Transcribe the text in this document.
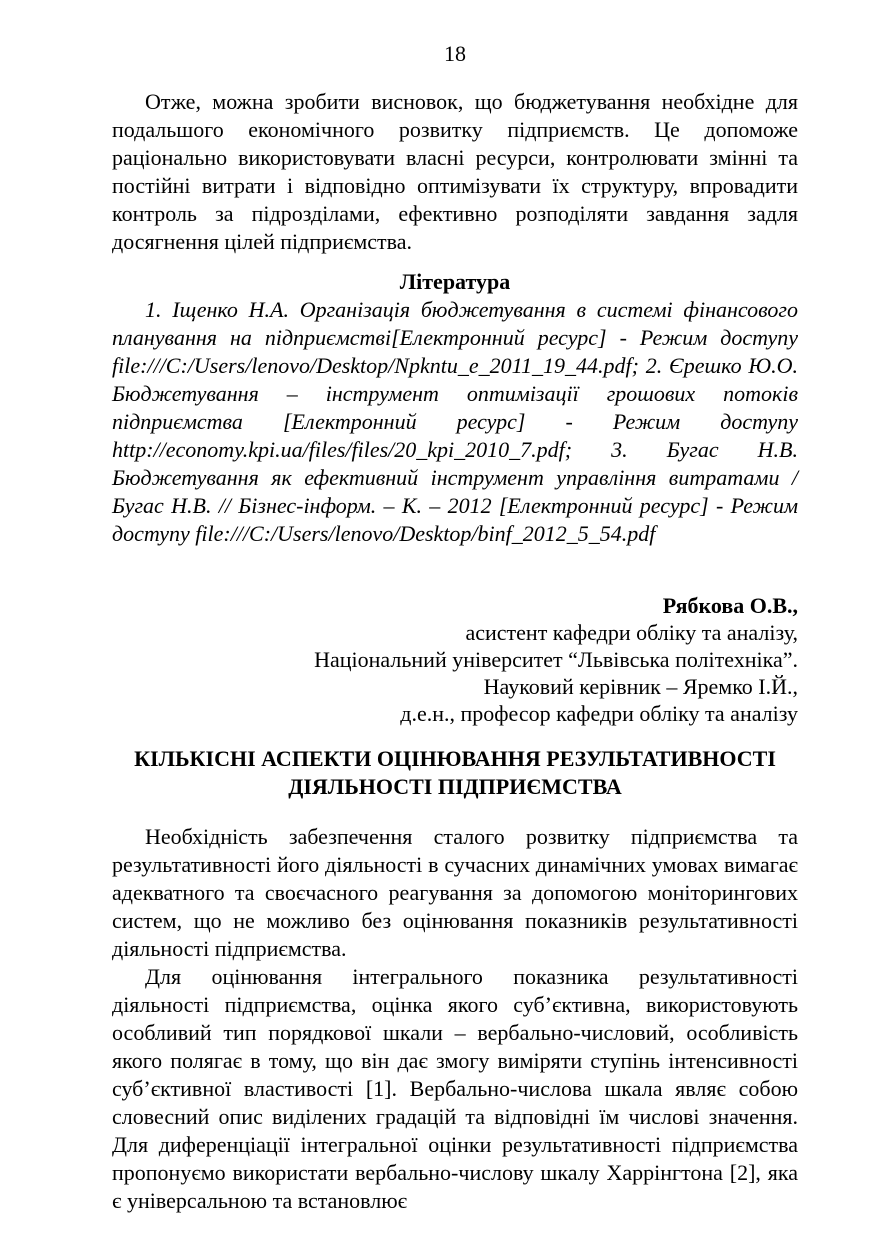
18

Отже, можна зробити висновок, що бюджетування необхідне для подальшого економічного розвитку підприємств. Це допоможе раціонально використовувати власні ресурси, контролювати змінні та постійні витрати і відповідно оптимізувати їх структуру, впровадити контроль за підрозділами, ефективно розподіляти завдання задля досягнення цілей підприємства.

Література

1. Іщенко Н.А. Організація бюджетування в системі фінансового планування на підприємстві[Електронний ресурс] - Режим доступу file:///C:/Users/lenovo/Desktop/Npkntu_e_2011_19_44.pdf; 2. Єрешко Ю.О. Бюджетування – інструмент оптимізації грошових потоків підприємства [Електронний ресурс] - Режим доступу http://economy.kpi.ua/files/files/20_kpi_2010_7.pdf; 3. Бугас Н.В. Бюджетування як ефективний інструмент управління витратами / Бугас Н.В. // Бізнес-інформ. – К. – 2012 [Електронний ресурс] - Режим доступу file:///C:/Users/lenovo/Desktop/binf_2012_5_54.pdf

Рябкова О.В.,
асистент кафедри обліку та аналізу,
Національний університет “Львівська політехніка”.
Науковий керівник – Яремко І.Й.,
д.е.н., професор кафедри обліку та аналізу
КІЛЬКІСНІ АСПЕКТИ ОЦІНЮВАННЯ РЕЗУЛЬТАТИВНОСТІ ДІЯЛЬНОСТІ ПІДПРИЄМСТВА

Необхідність забезпечення сталого розвитку підприємства та результативності його діяльності в сучасних динамічних умовах вимагає адекватного та своєчасного реагування за допомогою моніторингових систем, що не можливо без оцінювання показників результативності діяльності підприємства.

Для оцінювання інтегрального показника результативності діяльності підприємства, оцінка якого суб’єктивна, використовують особливий тип порядкової шкали – вербально-числовий, особливість якого полягає в тому, що він дає змогу виміряти ступінь інтенсивності суб’єктивної властивості [1]. Вербально-числова шкала являє собою словесний опис виділених градацій та відповідні їм числові значення. Для диференціації інтегральної оцінки результативності підприємства пропонуємо використати вербально-числову шкалу Харрінгтона [2], яка є універсальною та встановлює
